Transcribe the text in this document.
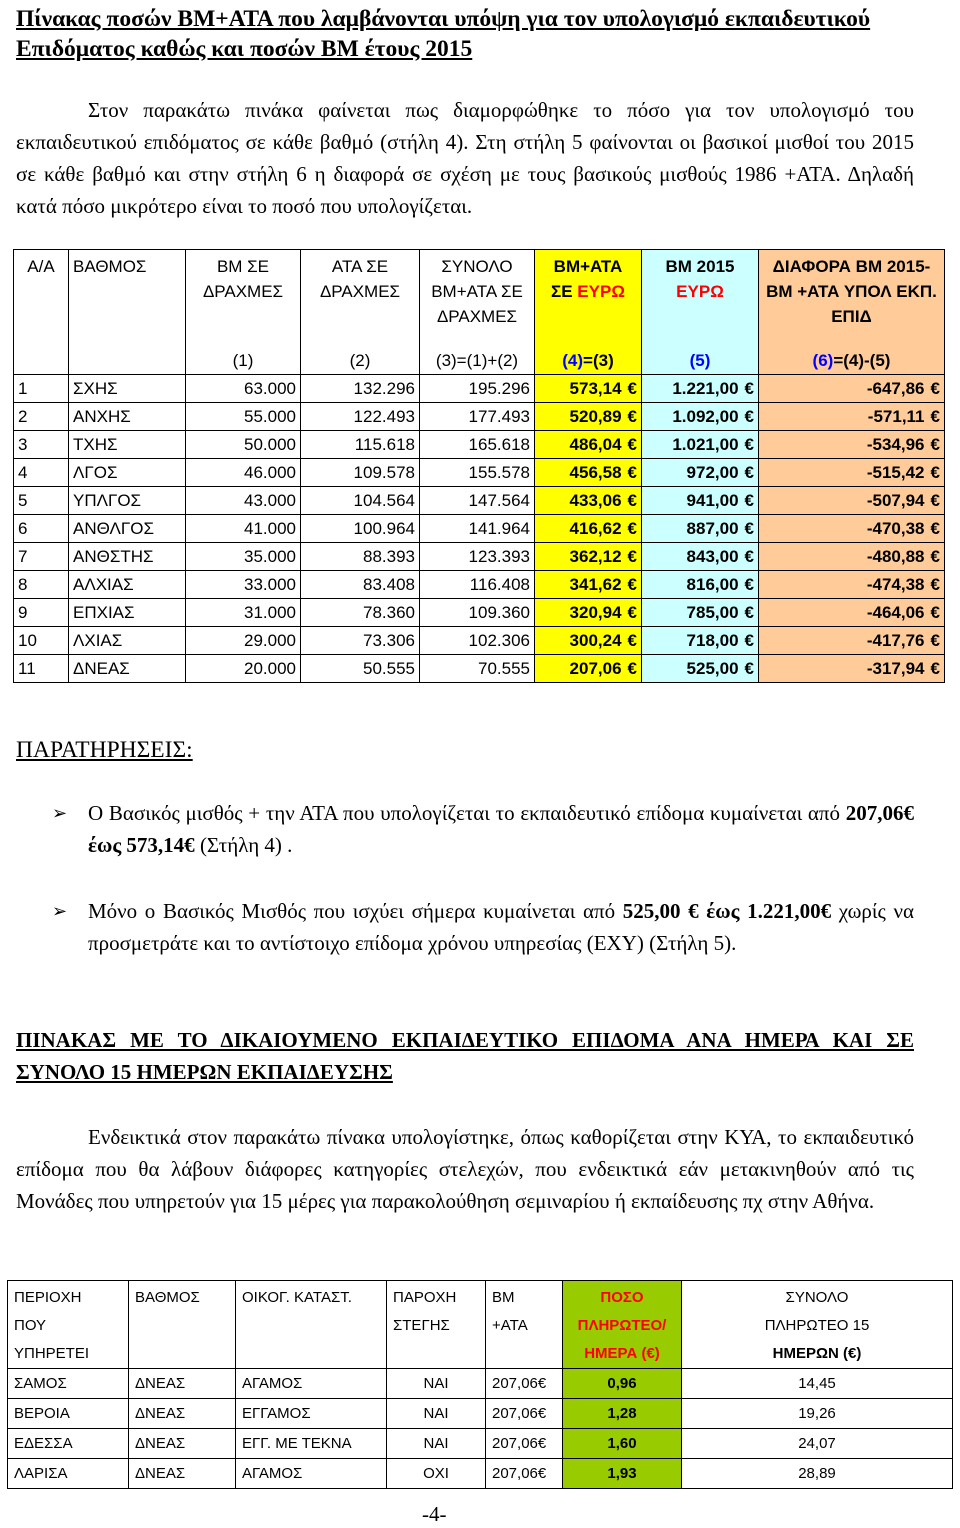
Πίνακας ποσών ΒΜ+ΑΤΑ που λαμβάνονται υπόψη για τον υπολογισμό εκπαιδευτικού Επιδόματος καθώς και ποσών ΒΜ έτους 2015
Στον παρακάτω πινάκα φαίνεται πως διαμορφώθηκε το πόσο για τον υπολογισμό του εκπαιδευτικού επιδόματος σε κάθε βαθμό (στήλη 4). Στη στήλη 5 φαίνονται οι βασικοί μισθοί του 2015 σε κάθε βαθμό και στην στήλη 6 η διαφορά σε σχέση με τους βασικούς μισθούς 1986 +ΑΤΑ. Δηλαδή κατά πόσο μικρότερο είναι το ποσό που υπολογίζεται.
Α/Α	ΒΑΘΜΟΣ	ΒΜ ΣΕ ΔΡΑΧΜΕΣ	ΑΤΑ ΣΕ ΔΡΑΧΜΕΣ	ΣΥΝΟΛΟ ΒΜ+ΑΤΑ ΣΕ ΔΡΑΧΜΕΣ	ΒΜ+ΑΤΑ
ΣΕ ΕΥΡΩ	ΒΜ 2015
ΕΥΡΩ	ΔΙΑΦΟΡΑ ΒΜ 2015-ΒΜ +ΑΤΑ ΥΠΟΛ ΕΚΠ. ΕΠΙΔ
		(1)	(2)	(3)=(1)+(2)	(4)=(3)	(5)	(6)=(4)-(5)
1	ΣΧΗΣ	63.000	132.296	195.296	573,14 €	1.221,00 €	-647,86 €
2	ΑΝΧΗΣ	55.000	122.493	177.493	520,89 €	1.092,00 €	-571,11 €
3	ΤΧΗΣ	50.000	115.618	165.618	486,04 €	1.021,00 €	-534,96 €
4	ΛΓΟΣ	46.000	109.578	155.578	456,58 €	972,00 €	-515,42 €
5	ΥΠΛΓΟΣ	43.000	104.564	147.564	433,06 €	941,00 €	-507,94 €
6	ΑΝΘΛΓΟΣ	41.000	100.964	141.964	416,62 €	887,00 €	-470,38 €
7	ΑΝΘΣΤΗΣ	35.000	88.393	123.393	362,12 €	843,00 €	-480,88 €
8	ΑΛΧΙΑΣ	33.000	83.408	116.408	341,62 €	816,00 €	-474,38 €
9	ΕΠΧΙΑΣ	31.000	78.360	109.360	320,94 €	785,00 €	-464,06 €
10	ΛΧΙΑΣ	29.000	73.306	102.306	300,24 €	718,00 €	-417,76 €
11	ΔΝΕΑΣ	20.000	50.555	70.555	207,06 €	525,00 €	-317,94 €
ΠΑΡΑΤΗΡΗΣΕΙΣ:
➢ Ο Βασικός μισθός + την ΑΤΑ που υπολογίζεται το εκπαιδευτικό επίδομα κυμαίνεται από 207,06€ έως 573,14€ (Στήλη 4) .
➢ Μόνο ο Βασικός Μισθός που ισχύει σήμερα κυμαίνεται από 525,00 € έως 1.221,00€ χωρίς να προσμετράτε και το αντίστοιχο επίδομα χρόνου υπηρεσίας (ΕΧΥ) (Στήλη 5).
ΠΙΝΑΚΑΣ ΜΕ ΤΟ ΔΙΚΑΙΟΥΜΕΝΟ ΕΚΠΑΙΔΕΥΤΙΚΟ ΕΠΙΔΟΜΑ ΑΝΑ ΗΜΕΡΑ ΚΑΙ ΣΕ ΣΥΝΟΛΟ 15 ΗΜΕΡΩΝ ΕΚΠΑΙΔΕΥΣΗΣ
Ενδεικτικά στον παρακάτω πίνακα υπολογίστηκε, όπως καθορίζεται στην ΚΥΑ, το εκπαιδευτικό επίδομα που θα λάβουν διάφορες κατηγορίες στελεχών, που ενδεικτικά εάν μετακινηθούν από τις Μονάδες που υπηρετούν για 15 μέρες για παρακολούθηση σεμιναρίου ή εκπαίδευσης πχ στην Αθήνα.
ΠΕΡΙΟΧΗ
ΠΟΥ
ΥΠΗΡΕΤΕΙ	ΒΑΘΜΟΣ	ΟΙΚΟΓ. ΚΑΤΑΣΤ.	ΠΑΡΟΧΗ
ΣΤΕΓΗΣ	ΒΜ
+ΑΤΑ	ΠΟΣΟ
ΠΛΗΡΩΤΕΟ/
ΗΜΕΡΑ (€)	ΣΥΝΟΛΟ
ΠΛΗΡΩΤΕΟ 15
ΗΜΕΡΩΝ (€)
ΣΑΜΟΣ	ΔΝΕΑΣ	ΑΓΑΜΟΣ	ΝΑΙ	207,06€	0,96	14,45
ΒΕΡΟΙΑ	ΔΝΕΑΣ	ΕΓΓΑΜΟΣ	ΝΑΙ	207,06€	1,28	19,26
ΕΔΕΣΣΑ	ΔΝΕΑΣ	ΕΓΓ. ΜΕ ΤΕΚΝΑ	ΝΑΙ	207,06€	1,60	24,07
ΛΑΡΙΣΑ	ΔΝΕΑΣ	ΑΓΑΜΟΣ	ΟΧΙ	207,06€	1,93	28,89
-4-
